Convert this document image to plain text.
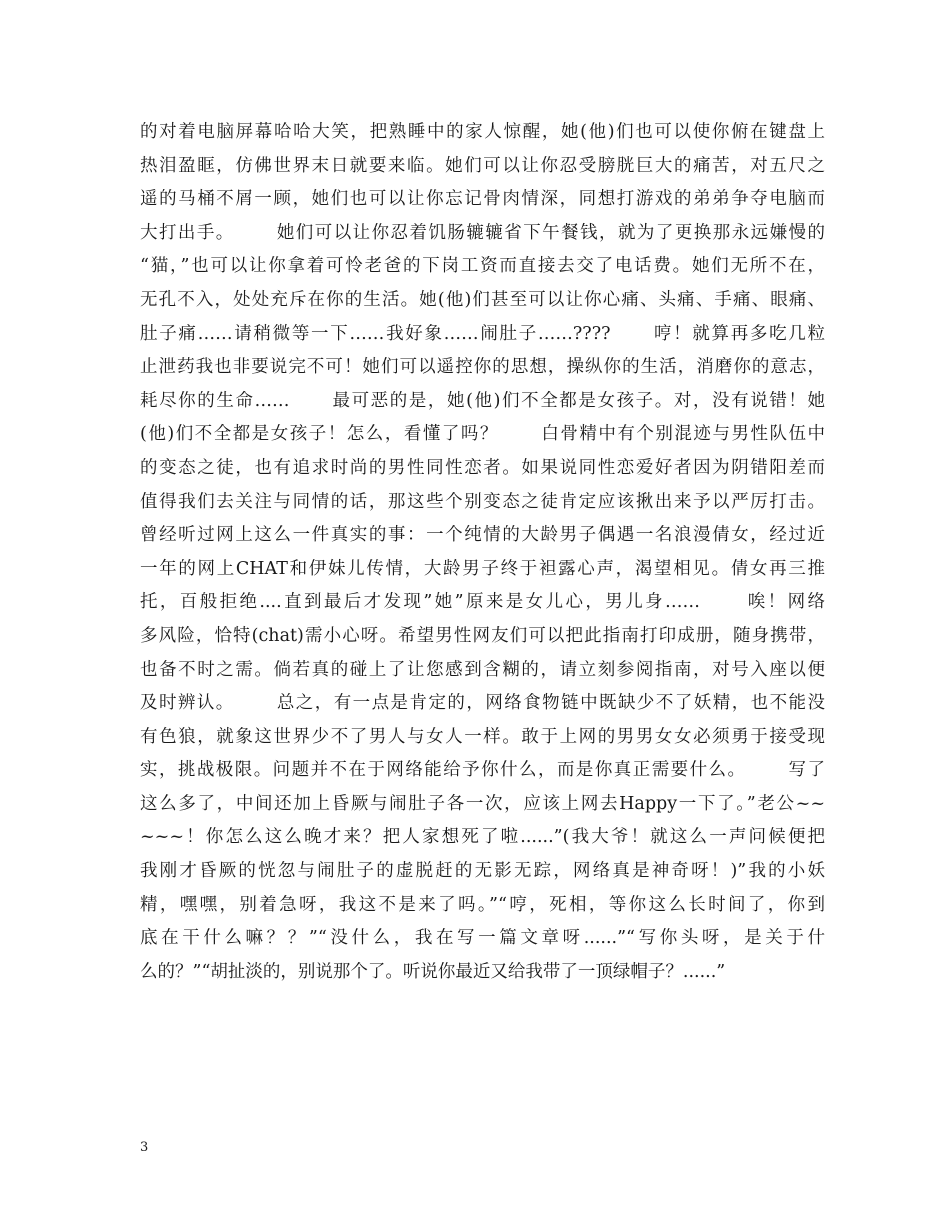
的对着电脑屏幕哈哈大笑，把熟睡中的家人惊醒，她(他)们也可以使你俯在键盘上
热泪盈眶，仿佛世界末日就要来临。她们可以让你忍受膀胱巨大的痛苦，对五尺之
遥的马桶不屑一顾，她们也可以让你忘记骨肉情深，同想打游戏的弟弟争夺电脑而
大打出手。      她们可以让你忍着饥肠辘辘省下午餐钱，就为了更换那永远嫌慢的
“猫，”也可以让你拿着可怜老爸的下岗工资而直接去交了电话费。她们无所不在，
无孔不入，处处充斥在你的生活。她(他)们甚至可以让你心痛、头痛、手痛、眼痛、
肚子痛……请稍微等一下……我好象……闹肚子……????      哼！就算再多吃几粒
止泄药我也非要说完不可！她们可以遥控你的思想，操纵你的生活，消磨你的意志，
耗尽你的生命……      最可恶的是，她(他)们不全都是女孩子。对，没有说错！她
(他)们不全都是女孩子！怎么，看懂了吗？      白骨精中有个别混迹与男性队伍中
的变态之徒，也有追求时尚的男性同性恋者。如果说同性恋爱好者因为阴错阳差而
值得我们去关注与同情的话，那这些个别变态之徒肯定应该揪出来予以严厉打击。
曾经听过网上这么一件真实的事：一个纯情的大龄男子偶遇一名浪漫倩女，经过近
一年的网上CHAT和伊妹儿传情，大龄男子终于袒露心声，渴望相见。倩女再三推
托，百般拒绝....直到最后才发现”她”原来是女儿心，男儿身……      唉！网络
多风险，恰特(chat)需小心呀。希望男性网友们可以把此指南打印成册，随身携带，
也备不时之需。倘若真的碰上了让您感到含糊的，请立刻参阅指南，对号入座以便
及时辨认。      总之，有一点是肯定的，网络食物链中既缺少不了妖精，也不能没
有色狼，就象这世界少不了男人与女人一样。敢于上网的男男女女必须勇于接受现
实，挑战极限。问题并不在于网络能给予你什么，而是你真正需要什么。      写了
这么多了，中间还加上昏厥与闹肚子各一次，应该上网去Happy一下了。”老公~~
~~~！你怎么这么晚才来？把人家想死了啦......”(我大爷！就这么一声问候便把
我刚才昏厥的恍忽与闹肚子的虚脱赶的无影无踪，网络真是神奇呀！)”我的小妖
精，嘿嘿，别着急呀，我这不是来了吗。”“哼，死相，等你这么长时间了，你到
底在干什么嘛？？”“没什么，我在写一篇文章呀......”“写你头呀，是关于什
么的？”“胡扯淡的，别说那个了。听说你最近又给我带了一顶绿帽子？......”
3
